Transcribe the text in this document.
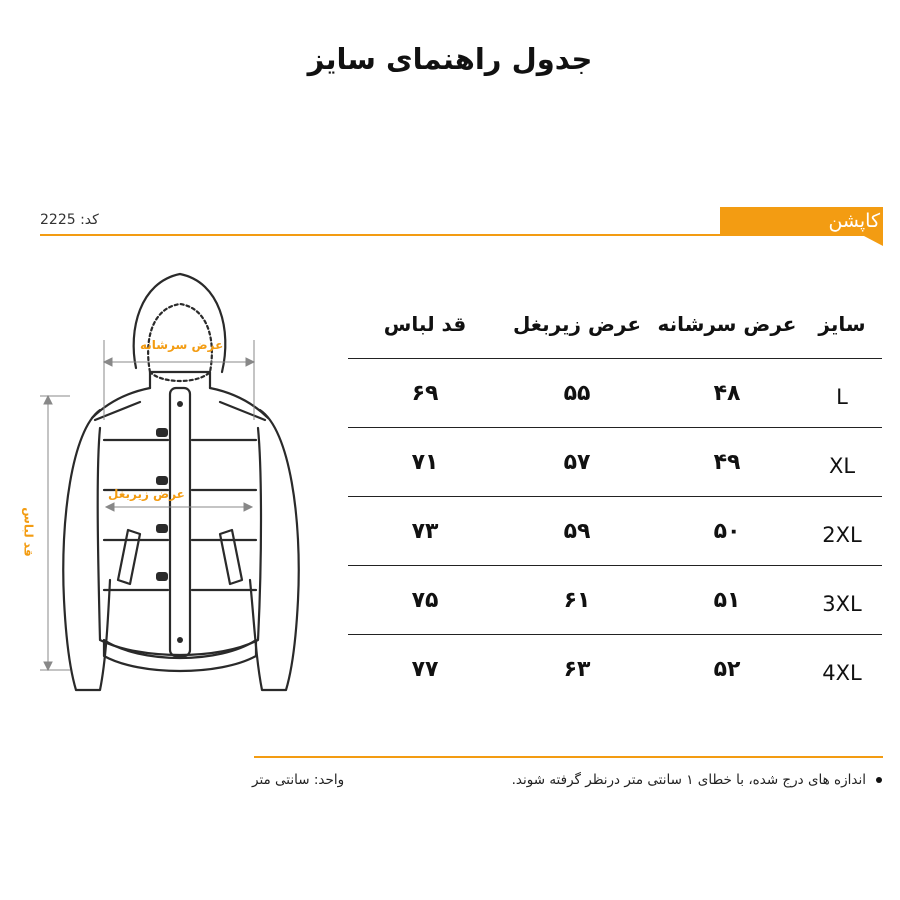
جدول راهنمای سایز
کاپشن
کد: 2225
عرض سرشانه
عرض زیربغل
قد لباس
سایز
عرض سرشانه
عرض زیربغل
قد لباس
L
۴۸
۵۵
۶۹
XL
۴۹
۵۷
۷۱
2XL
۵۰
۵۹
۷۳
3XL
۵۱
۶۱
۷۵
4XL
۵۲
۶۳
۷۷
اندازه های درج شده، با خطای ۱ سانتی متر درنظر گرفته شوند.
واحد: سانتی متر
